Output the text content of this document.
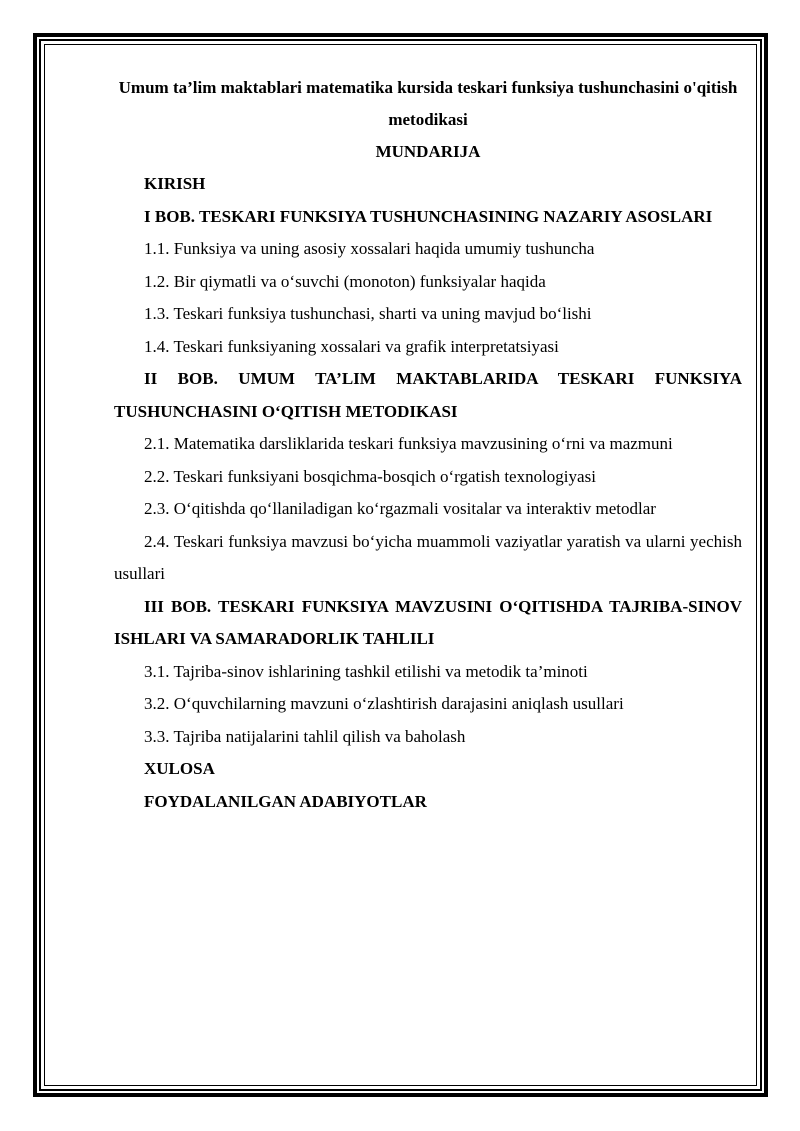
Umum ta’lim maktablari matematika kursida teskari funksiya tushunchasini o'qitish metodikasi

MUNDARIJA

KIRISH

I BOB. TESKARI FUNKSIYA TUSHUNCHASINING NAZARIY ASOSLARI

1.1. Funksiya va uning asosiy xossalari haqida umumiy tushuncha

1.2. Bir qiymatli va o‘suvchi (monoton) funksiyalar haqida

1.3. Teskari funksiya tushunchasi, sharti va uning mavjud bo‘lishi

1.4. Teskari funksiyaning xossalari va grafik interpretatsiyasi

II BOB. UMUM TA’LIM MAKTABLARIDA TESKARI FUNKSIYA TUSHUNCHASINI O‘QITISH METODIKASI

2.1. Matematika darsliklarida teskari funksiya mavzusining o‘rni va mazmuni

2.2. Teskari funksiyani bosqichma-bosqich o‘rgatish texnologiyasi

2.3. O‘qitishda qo‘llaniladigan ko‘rgazmali vositalar va interaktiv metodlar

2.4. Teskari funksiya mavzusi bo‘yicha muammoli vaziyatlar yaratish va ularni yechish usullari

III BOB. TESKARI FUNKSIYA MAVZUSINI O‘QITISHDA TAJRIBA-SINOV ISHLARI VA SAMARADORLIK TAHLILI

3.1. Tajriba-sinov ishlarining tashkil etilishi va metodik ta’minoti

3.2. O‘quvchilarning mavzuni o‘zlashtirish darajasini aniqlash usullari

3.3. Tajriba natijalarini tahlil qilish va baholash

XULOSA

FOYDALANILGAN ADABIYOTLAR
